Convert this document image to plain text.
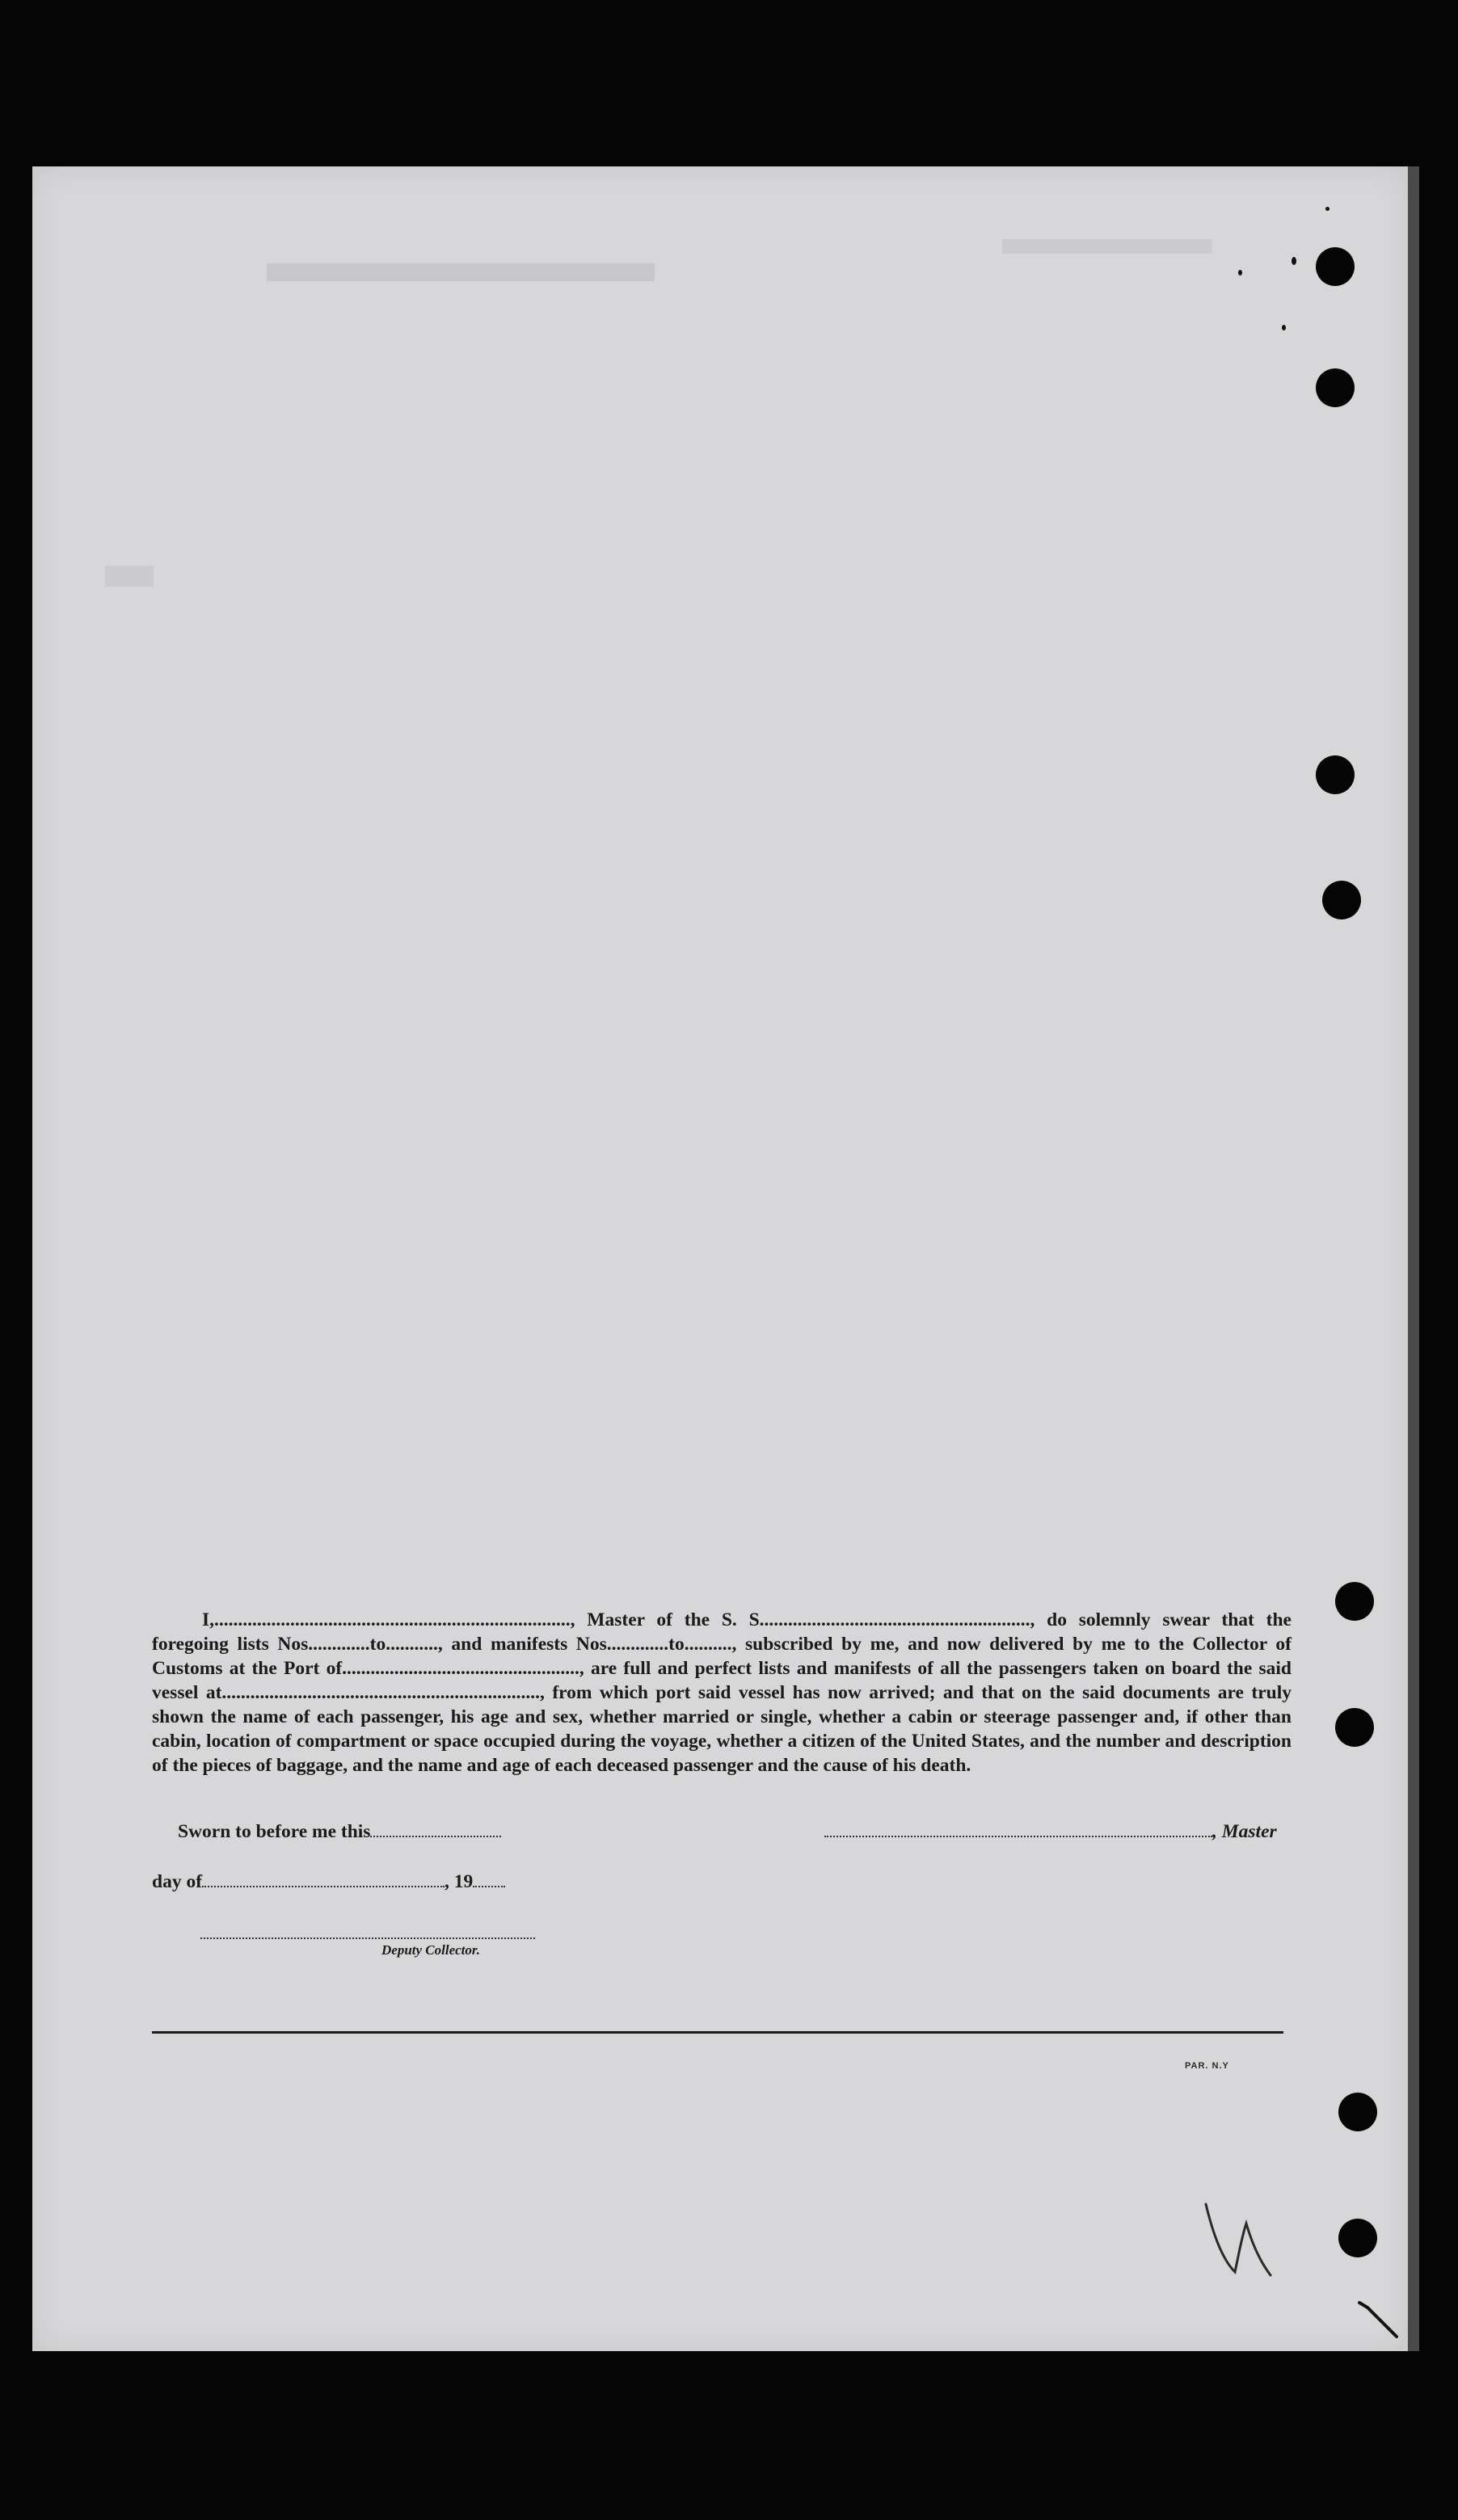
I,..........................................................................., Master of the S. S........................................................., do solemnly swear that the foregoing lists Nos.............to..........., and manifests Nos.............to.........., subscribed by me, and now delivered by me to the Collector of Customs at the Port of.................................................., are full and perfect lists and manifests of all the passengers taken on board the said vessel at..................................................................., from which port said vessel has now arrived; and that on the said documents are truly shown the name of each passenger, his age and sex, whether married or single, whether a cabin or steerage passenger and, if other than cabin, location of compartment or space occupied during the voyage, whether a citizen of the United States, and the number and description of the pieces of baggage, and the name and age of each deceased passenger and the cause of his death.

Sworn to before me this	, Master
day of	, 19
Deputy Collector.
PAR. N.Y
